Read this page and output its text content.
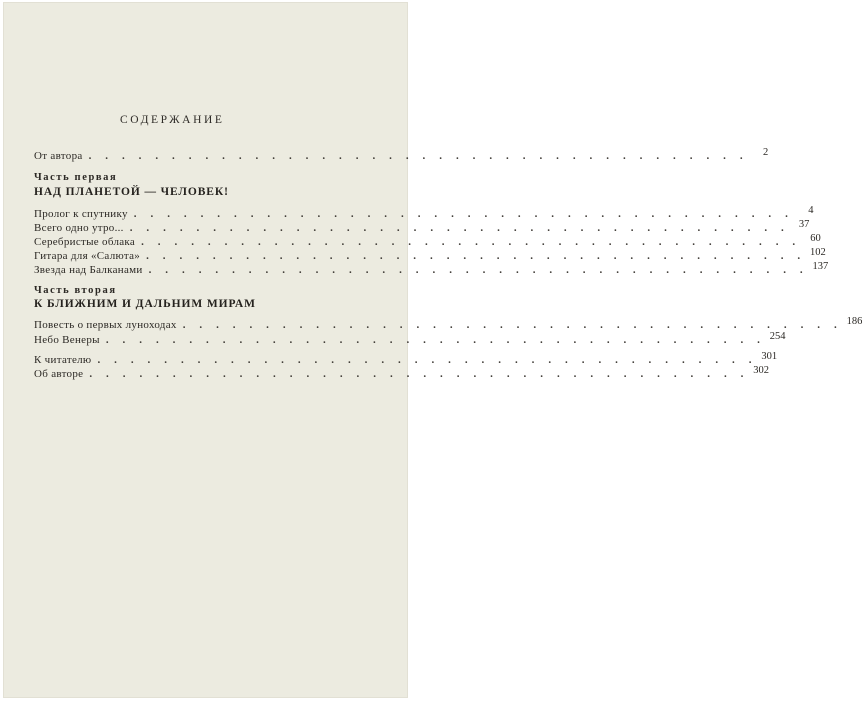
СОДЕРЖАНИЕ
От автора . . . . . . . . . . . . . . . . . . . . . . . . . . . . . . . . . . . . . . . .	2
Часть первая
НАД ПЛАНЕТОЙ — ЧЕЛОВЕК!
Пролог к спутнику . . . . . . . . . . . . . . . . . . . . . . . . . . . . . . . . . . . . . . . .	4
Всего одно утро... . . . . . . . . . . . . . . . . . . . . . . . . . . . . . . . . . . . . . . . . 37
Серебристые облака . . . . . . . . . . . . . . . . . . . . . . . . . . . . . . . . . . . . . . . . 60
Гитара для «Салюта» . . . . . . . . . . . . . . . . . . . . . . . . . . . . . . . . . . . . . . . . 102
Звезда над Балканами . . . . . . . . . . . . . . . . . . . . . . . . . . . . . . . . . . . . . . . . 137
Часть вторая
К БЛИЖНИМ И ДАЛЬНИМ МИРАМ
Повесть о первых луноходах . . . . . . . . . . . . . . . . . . . . . . . . . . . . . . . . . . . . . . . . 186
Небо Венеры . . . . . . . . . . . . . . . . . . . . . . . . . . . . . . . . . . . . . . . . 254
К читателю . . . . . . . . . . . . . . . . . . . . . . . . . . . . . . . . . . . . . . . . 301
Об авторе . . . . . . . . . . . . . . . . . . . . . . . . . . . . . . . . . . . . . . . . 302
